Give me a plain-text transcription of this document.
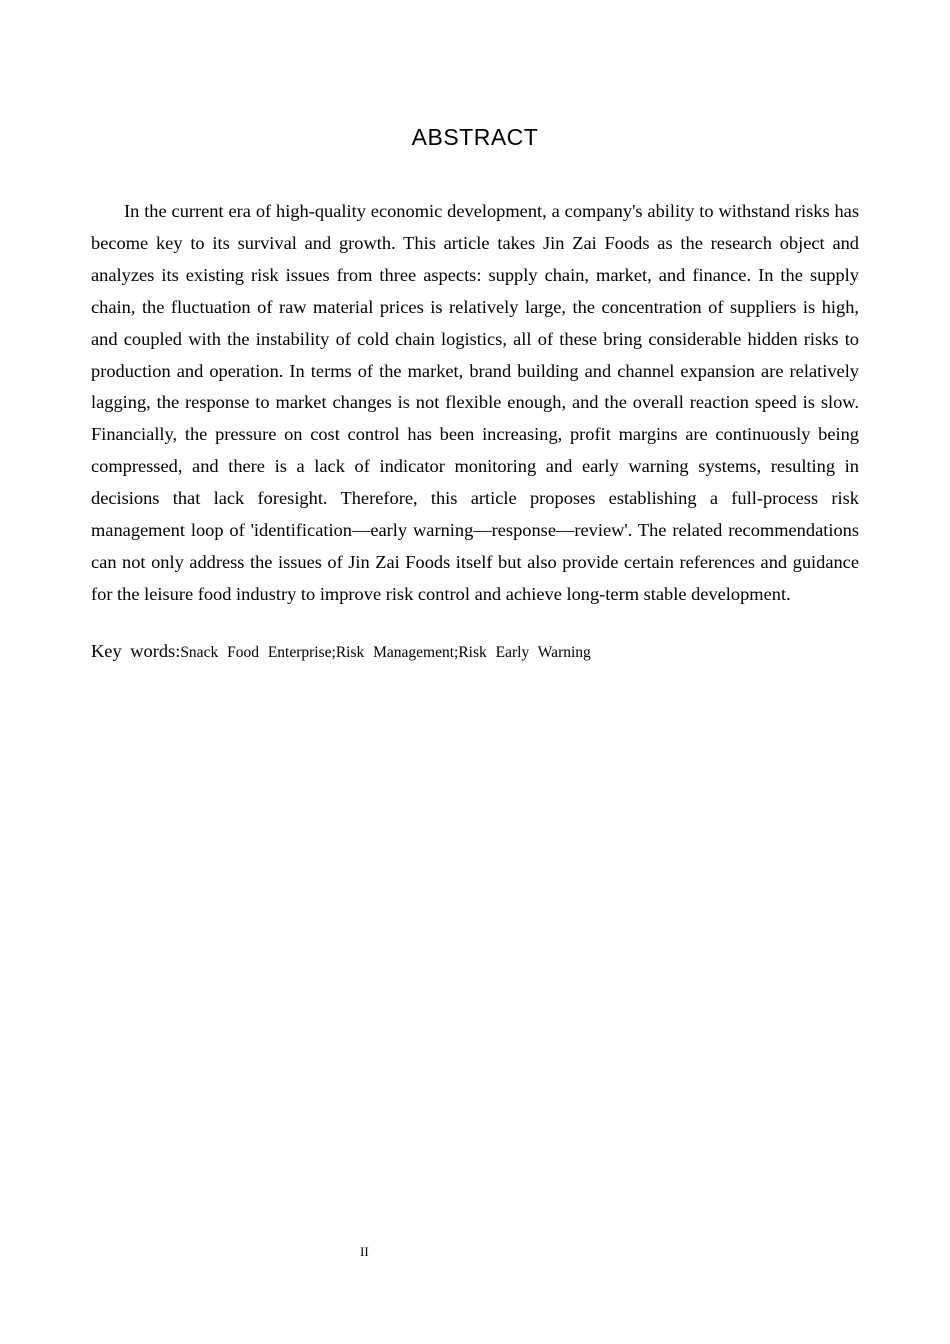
ABSTRACT

In the current era of high-quality economic development, a company's ability to withstand risks has become key to its survival and growth. This article takes Jin Zai Foods as the research object and analyzes its existing risk issues from three aspects: supply chain, market, and finance. In the supply chain, the fluctuation of raw material prices is relatively large, the concentration of suppliers is high, and coupled with the instability of cold chain logistics, all of these bring considerable hidden risks to production and operation. In terms of the market, brand building and channel expansion are relatively lagging, the response to market changes is not flexible enough, and the overall reaction speed is slow. Financially, the pressure on cost control has been increasing, profit margins are continuously being compressed, and there is a lack of indicator monitoring and early warning systems, resulting in decisions that lack foresight. Therefore, this article proposes establishing a full-process risk management loop of 'identification—early warning—response—review'. The related recommendations can not only address the issues of Jin Zai Foods itself but also provide certain references and guidance for the leisure food industry to improve risk control and achieve long-term stable development.

Key words:Snack Food Enterprise;Risk Management;Risk Early Warning

II
